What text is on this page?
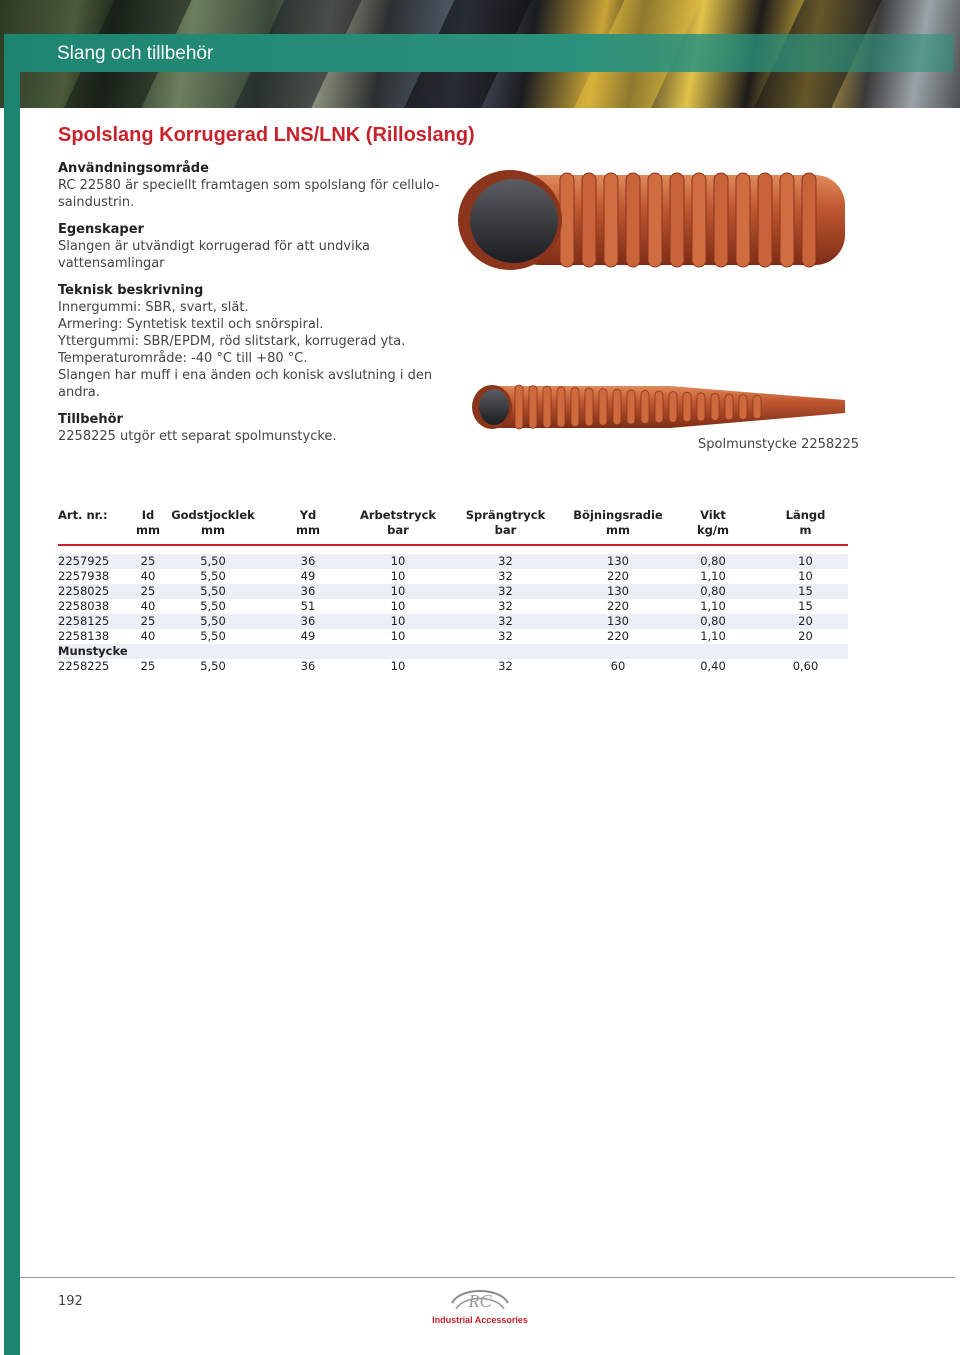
Slang och tillbehör
Spolslang Korrugerad LNS/LNK (Rilloslang)
Användningsområde

RC 22580 är speciellt framtagen som spolslang för cellulo-
saindustrin.

Egenskaper

Slangen är utvändigt korrugerad för att undvika
vattensamlingar

Teknisk beskrivning

Innergummi: SBR, svart, slät.
Armering: Syntetisk textil och snörspiral.
Yttergummi: SBR/EPDM, röd slitstark, korrugerad yta.
Temperaturområde: -40 °C till +80 °C.
Slangen har muff i ena änden och konisk avslutning i den
andra.

Tillbehör

2258225 utgör ett separat spolmunstycke.

Spolmunstycke 2258225
Art. nr.:	Id	Godstjocklek	Yd	Arbetstryck	Sprängtryck	Böjningsradie	Vikt	Längd
	mm	mm	mm	bar	bar	mm	kg/m	m

2257925	25	5,50	36	10	32	130	0,80	10
2257938	40	5,50	49	10	32	220	1,10	10
2258025	25	5,50	36	10	32	130	0,80	15
2258038	40	5,50	51	10	32	220	1,10	15
2258125	25	5,50	36	10	32	130	0,80	20
2258138	40	5,50	49	10	32	220	1,10	20
Munstycke								
2258225	25	5,50	36	10	32	60	0,40	0,60
192	RC
Industrial Accessories
